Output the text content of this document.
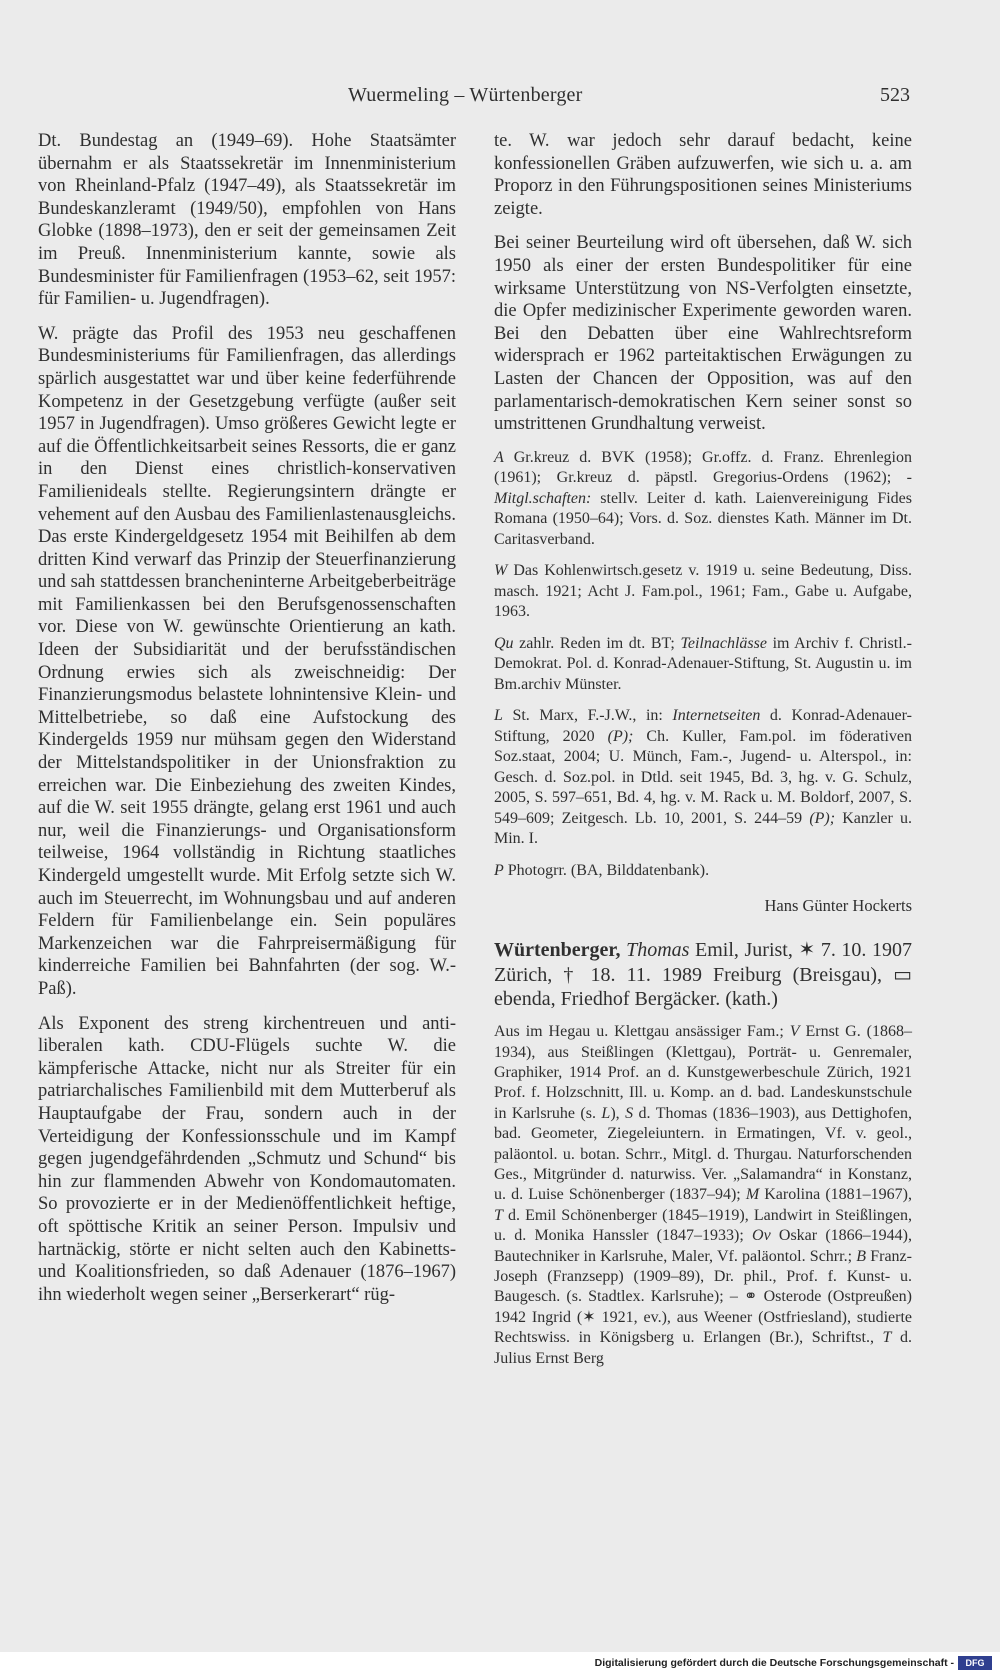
Wuermeling – Würtenberger	523

Dt. Bundestag an (1949–69). Hohe Staatsämter übernahm er als Staatssekretär im Innenministerium von Rheinland-Pfalz (1947–49), als Staatssekretär im Bundeskanzleramt (1949/50), empfohlen von Hans Globke (1898–1973), den er seit der gemeinsamen Zeit im Preuß. Innenministerium kannte, sowie als Bundesminister für Familienfragen (1953–62, seit 1957: für Familien- u. Jugendfragen).

W. prägte das Profil des 1953 neu geschaffenen Bundesministeriums für Familienfragen, das allerdings spärlich ausgestattet war und über keine federführende Kompetenz in der Gesetzgebung verfügte (außer seit 1957 in Jugendfragen). Umso größeres Gewicht legte er auf die Öffentlichkeitsarbeit seines Ressorts, die er ganz in den Dienst eines christlich-konservativen Familienideals stellte. Regierungsintern drängte er vehement auf den Ausbau des Familienlastenausgleichs. Das erste Kindergeldgesetz 1954 mit Beihilfen ab dem dritten Kind verwarf das Prinzip der Steuerfinanzierung und sah stattdessen brancheninterne Arbeitgeberbeiträge mit Familienkassen bei den Berufsgenossenschaften vor. Diese von W. gewünschte Orientierung an kath. Ideen der Subsidiarität und der berufsständischen Ordnung erwies sich als zweischneidig: Der Finanzierungsmodus belastete lohnintensive Klein- und Mittelbetriebe, so daß eine Aufstockung des Kindergelds 1959 nur mühsam gegen den Widerstand der Mittelstandspolitiker in der Unionsfraktion zu erreichen war. Die Einbeziehung des zweiten Kindes, auf die W. seit 1955 drängte, gelang erst 1961 und auch nur, weil die Finanzierungs- und Organisationsform teilweise, 1964 vollständig in Richtung staatliches Kindergeld umgestellt wurde. Mit Erfolg setzte sich W. auch im Steuerrecht, im Wohnungsbau und auf anderen Feldern für Familienbelange ein. Sein populäres Markenzeichen war die Fahrpreisermäßigung für kinderreiche Familien bei Bahnfahrten (der sog. W.-Paß).

Als Exponent des streng kirchentreuen und anti-liberalen kath. CDU-Flügels suchte W. die kämpferische Attacke, nicht nur als Streiter für ein patriarchalisches Familienbild mit dem Mutterberuf als Hauptaufgabe der Frau, sondern auch in der Verteidigung der Konfessionsschule und im Kampf gegen jugendgefährdenden „Schmutz und Schund“ bis hin zur flammenden Abwehr von Kondomautomaten. So provozierte er in der Medienöffentlichkeit heftige, oft spöttische Kritik an seiner Person. Impulsiv und hartnäckig, störte er nicht selten auch den Kabinetts- und Koalitionsfrieden, so daß Adenauer (1876–1967) ihn wiederholt wegen seiner „Berserkerart“ rüg-

te. W. war jedoch sehr darauf bedacht, keine konfessionellen Gräben aufzuwerfen, wie sich u. a. am Proporz in den Führungspositionen seines Ministeriums zeigte.

Bei seiner Beurteilung wird oft übersehen, daß W. sich 1950 als einer der ersten Bundespolitiker für eine wirksame Unterstützung von NS-Verfolgten einsetzte, die Opfer medizinischer Experimente geworden waren. Bei den Debatten über eine Wahlrechtsreform widersprach er 1962 parteitaktischen Erwägungen zu Lasten der Chancen der Opposition, was auf den parlamentarisch-demokratischen Kern seiner sonst so umstrittenen Grundhaltung verweist.

A Gr.kreuz d. BVK (1958); Gr.offz. d. Franz. Ehrenlegion (1961); Gr.kreuz d. päpstl. Gregorius-Ordens (1962); - Mitgl.schaften: stellv. Leiter d. kath. Laienvereinigung Fides Romana (1950–64); Vors. d. Soz. dienstes Kath. Männer im Dt. Caritasverband.

W Das Kohlenwirtsch.gesetz v. 1919 u. seine Bedeutung, Diss. masch. 1921; Acht J. Fam.pol., 1961; Fam., Gabe u. Aufgabe, 1963.

Qu zahlr. Reden im dt. BT; Teilnachlässe im Archiv f. Christl.-Demokrat. Pol. d. Konrad-Adenauer-Stiftung, St. Augustin u. im Bm.archiv Münster.

L St. Marx, F.-J.W., in: Internetseiten d. Konrad-Adenauer-Stiftung, 2020 (P); Ch. Kuller, Fam.pol. im föderativen Soz.staat, 2004; U. Münch, Fam.-, Jugend- u. Alterspol., in: Gesch. d. Soz.pol. in Dtld. seit 1945, Bd. 3, hg. v. G. Schulz, 2005, S. 597–651, Bd. 4, hg. v. M. Rack u. M. Boldorf, 2007, S. 549–609; Zeitgesch. Lb. 10, 2001, S. 244–59 (P); Kanzler u. Min. I.

P Photogrr. (BA, Bilddatenbank).

Hans Günter Hockerts

Würtenberger, Thomas Emil, Jurist, ✶ 7. 10. 1907 Zürich, † 18. 11. 1989 Freiburg (Breisgau), ▭ ebenda, Friedhof Bergäcker. (kath.)

Aus im Hegau u. Klettgau ansässiger Fam.; V Ernst G. (1868–1934), aus Steißlingen (Klettgau), Porträt- u. Genremaler, Graphiker, 1914 Prof. an d. Kunstgewerbeschule Zürich, 1921 Prof. f. Holzschnitt, Ill. u. Komp. an d. bad. Landeskunstschule in Karlsruhe (s. L), S d. Thomas (1836–1903), aus Dettighofen, bad. Geometer, Ziegeleiuntern. in Ermatingen, Vf. v. geol., paläontol. u. botan. Schrr., Mitgl. d. Thurgau. Naturforschenden Ges., Mitgründer d. naturwiss. Ver. „Salamandra“ in Konstanz, u. d. Luise Schönenberger (1837–94); M Karolina (1881–1967), T d. Emil Schönenberger (1845–1919), Landwirt in Steißlingen, u. d. Monika Hanssler (1847–1933); Ov Oskar (1866–1944), Bautechniker in Karlsruhe, Maler, Vf. paläontol. Schrr.; B Franz-Joseph (Franzsepp) (1909–89), Dr. phil., Prof. f. Kunst- u. Baugesch. (s. Stadtlex. Karlsruhe); – ⚭ Osterode (Ostpreußen) 1942 Ingrid (✶ 1921, ev.), aus Weener (Ostfriesland), studierte Rechtswiss. in Königsberg u. Erlangen (Br.), Schriftst., T d. Julius Ernst Berg

Digitalisierung gefördert durch die Deutsche Forschungsgemeinschaft -	DFG
